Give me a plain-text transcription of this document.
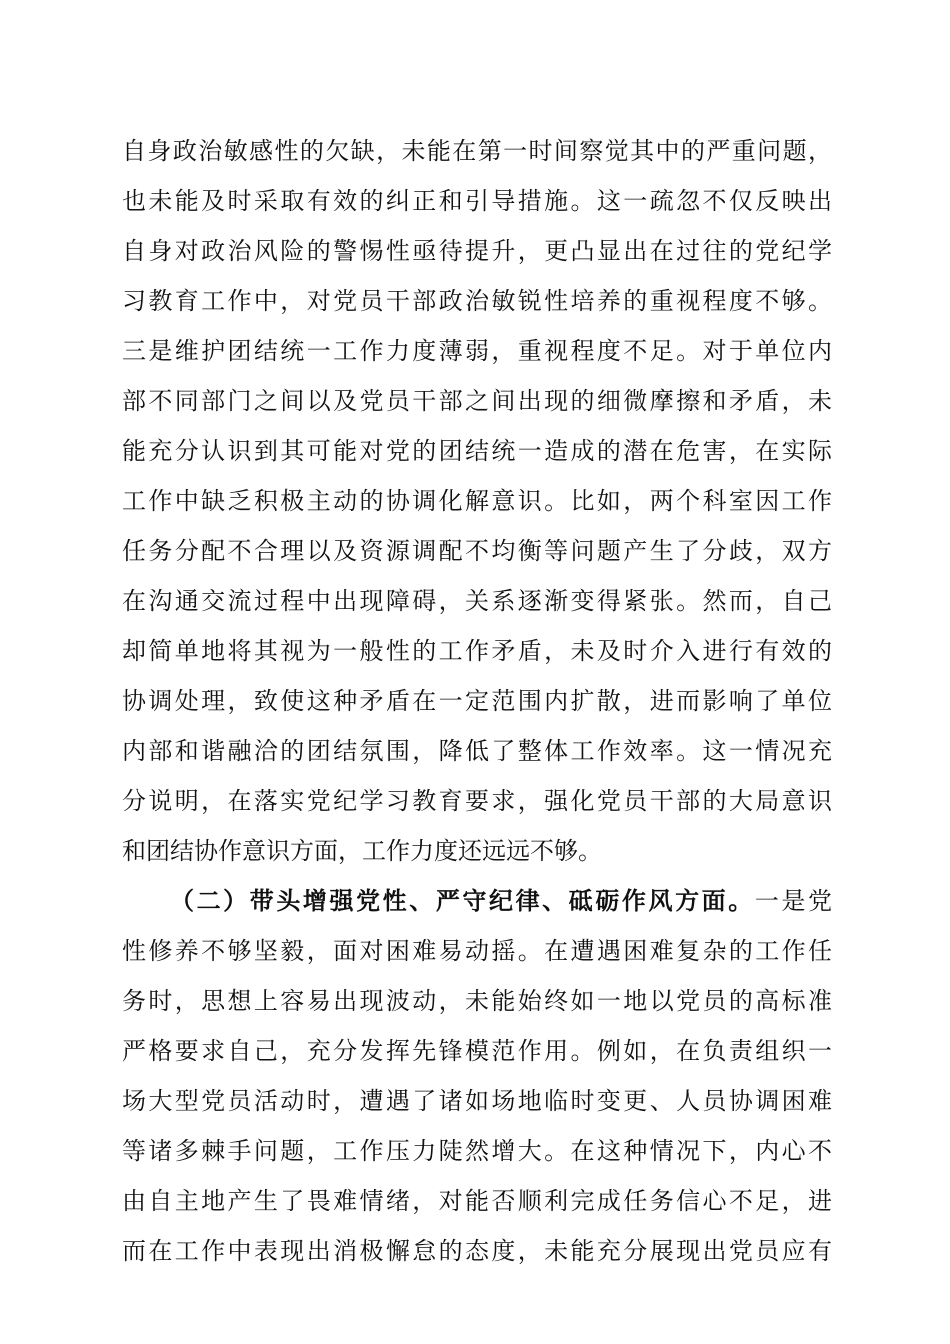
自身政治敏感性的欠缺，未能在第一时间察觉其中的严重问题，
也未能及时采取有效的纠正和引导措施。这一疏忽不仅反映出
自身对政治风险的警惕性亟待提升，更凸显出在过往的党纪学
习教育工作中，对党员干部政治敏锐性培养的重视程度不够。
三是维护团结统一工作力度薄弱，重视程度不足。对于单位内
部不同部门之间以及党员干部之间出现的细微摩擦和矛盾，未
能充分认识到其可能对党的团结统一造成的潜在危害，在实际
工作中缺乏积极主动的协调化解意识。比如，两个科室因工作
任务分配不合理以及资源调配不均衡等问题产生了分歧，双方
在沟通交流过程中出现障碍，关系逐渐变得紧张。然而，自己
却简单地将其视为一般性的工作矛盾，未及时介入进行有效的
协调处理，致使这种矛盾在一定范围内扩散，进而影响了单位
内部和谐融洽的团结氛围，降低了整体工作效率。这一情况充
分说明，在落实党纪学习教育要求，强化党员干部的大局意识
和团结协作意识方面，工作力度还远远不够。
（二）带头增强党性、严守纪律、砥砺作风方面。一是党
性修养不够坚毅，面对困难易动摇。在遭遇困难复杂的工作任
务时，思想上容易出现波动，未能始终如一地以党员的高标准
严格要求自己，充分发挥先锋模范作用。例如，在负责组织一
场大型党员活动时，遭遇了诸如场地临时变更、人员协调困难
等诸多棘手问题，工作压力陡然增大。在这种情况下，内心不
由自主地产生了畏难情绪，对能否顺利完成任务信心不足，进
而在工作中表现出消极懈怠的态度，未能充分展现出党员应有
